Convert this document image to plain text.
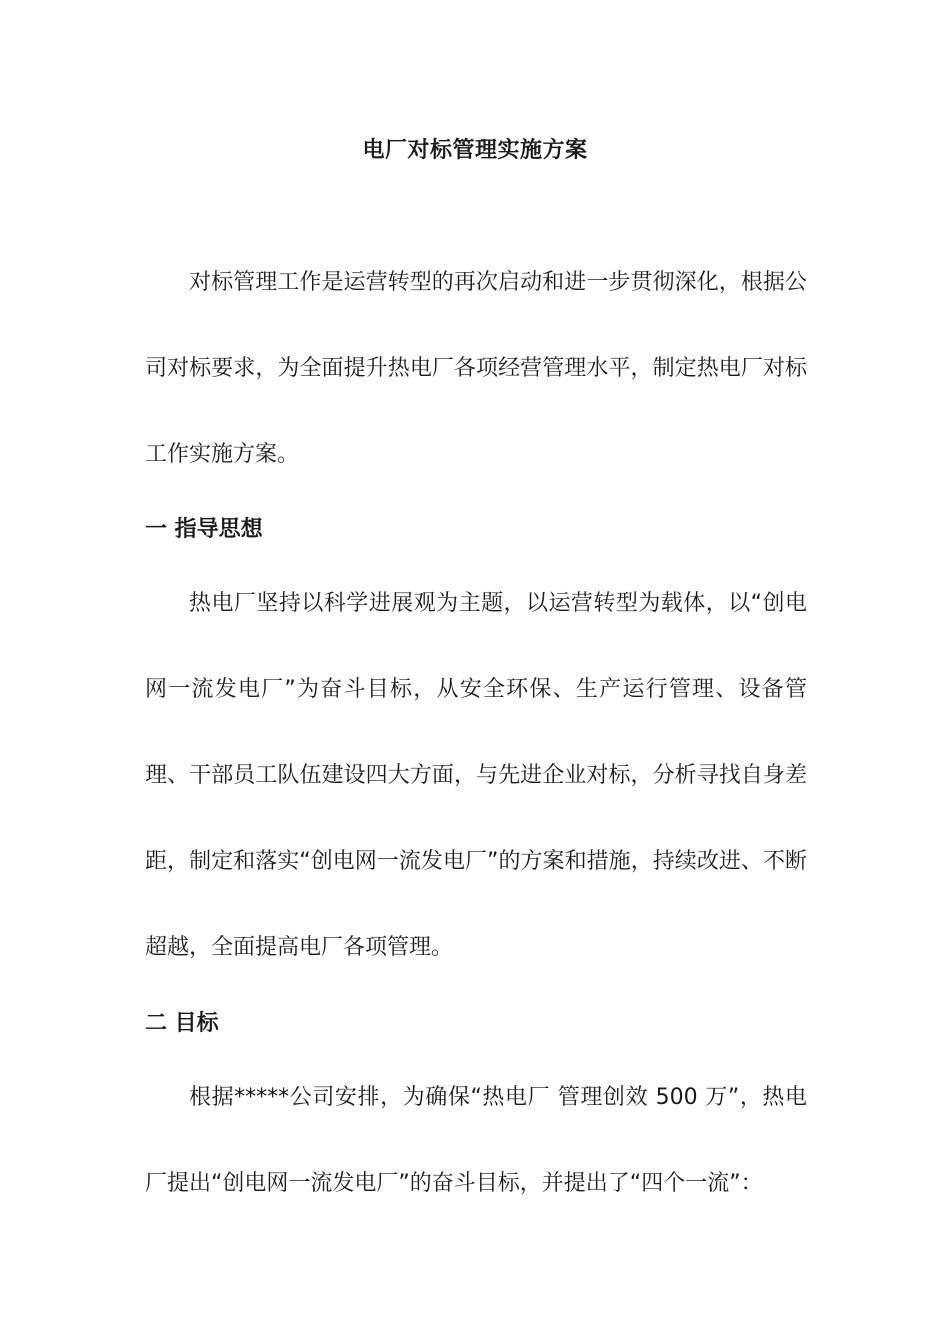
电厂对标管理实施方案

对标管理工作是运营转型的再次启动和进一步贯彻深化，根据公司对标要求，为全面提升热电厂各项经营管理水平，制定热电厂对标工作实施方案。

一 指导思想

热电厂坚持以科学进展观为主题，以运营转型为载体，以“创电网一流发电厂”为奋斗目标，从安全环保、生产运行管理、设备管理、干部员工队伍建设四大方面，与先进企业对标，分析寻找自身差距，制定和落实“创电网一流发电厂”的方案和措施，持续改进、不断超越，全面提高电厂各项管理。

二 目标

根据*****公司安排，为确保“热电厂 管理创效 500 万”，热电厂提出“创电网一流发电厂”的奋斗目标，并提出了“四个一流”：
